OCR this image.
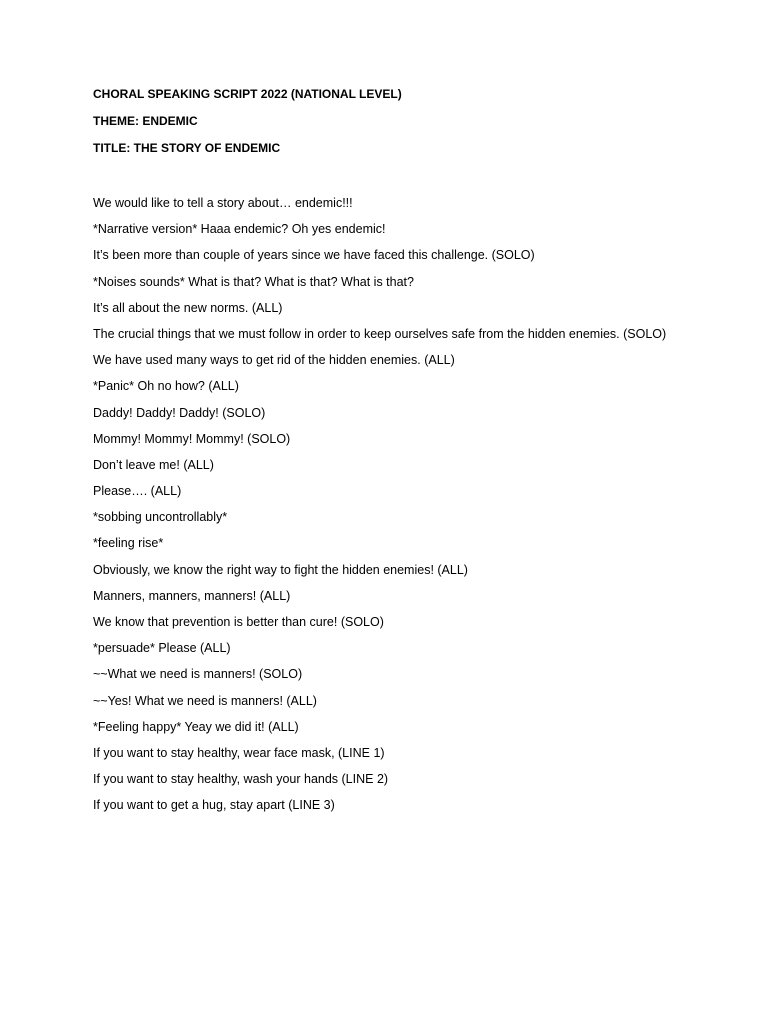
CHORAL SPEAKING SCRIPT 2022 (NATIONAL LEVEL)
THEME: ENDEMIC
TITLE: THE STORY OF ENDEMIC
We would like to tell a story about… endemic!!!
*Narrative version* Haaa endemic? Oh yes endemic!
It’s been more than couple of years since we have faced this challenge. (SOLO)
*Noises sounds* What is that? What is that? What is that?
It’s all about the new norms. (ALL)
The crucial things that we must follow in order to keep ourselves safe from the hidden enemies. (SOLO)
We have used many ways to get rid of the hidden enemies. (ALL)
*Panic* Oh no how? (ALL)
Daddy! Daddy! Daddy! (SOLO)
Mommy! Mommy! Mommy! (SOLO)
Don’t leave me! (ALL)
Please…. (ALL)
*sobbing uncontrollably*
*feeling rise*
Obviously, we know the right way to fight the hidden enemies! (ALL)
Manners, manners, manners! (ALL)
We know that prevention is better than cure! (SOLO)
*persuade* Please (ALL)
~~What we need is manners! (SOLO)
~~Yes! What we need is manners! (ALL)
*Feeling happy* Yeay we did it! (ALL)
If you want to stay healthy, wear face mask, (LINE 1)
If you want to stay healthy, wash your hands (LINE 2)
If you want to get a hug, stay apart (LINE 3)
